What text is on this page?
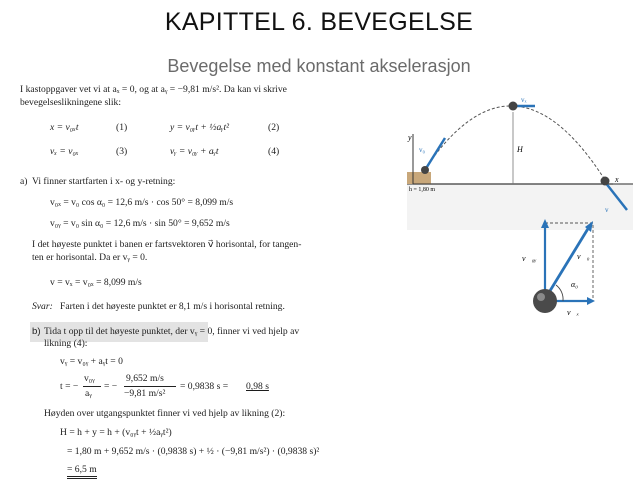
KAPITTEL 6. BEVEGELSE
Bevegelse med konstant akselerasjon
I kastoppgaver vet vi at aₓ = 0, og at aᵧ = −9,81 m/s². Da kan vi skrive
bevegelseslikningene slik:
x = v₀ₓt	(1)	y = v₀ᵧt + ½aᵧt²	(2)
vₓ = v₀ₓ	(3)	vᵧ = v₀ᵧ + aᵧt	(4)
a) Vi finner startfarten i x- og y-retning:
v₀ₓ = v₀ cos α₀ = 12,6 m/s · cos 50° = 8,099 m/s
v₀ᵧ = v₀ sin α₀ = 12,6 m/s · sin 50° = 9,652 m/s
I det høyeste punktet i banen er fartsvektoren v⃗ horisontal, for tangen-
ten er horisontal. Da er vᵧ = 0.
v = vₓ = v₀ₓ = 8,099 m/s
Svar: Farten i det høyeste punktet er 8,1 m/s i horisontal retning.
b) Tida t opp til det høyeste punktet, der vᵧ = 0, finner vi ved hjelp av
likning (4):
vᵧ = v₀ᵧ + aᵧt = 0
t = −
v₀ᵧ
aᵧ
= −
9,652 m/s
−9,81 m/s²
= 0,9838 s = 0,98 s
Høyden over utgangspunktet finner vi ved hjelp av likning (2):
H = h + y = h + (v₀ᵧt + ½aᵧt²)
= 1,80 m + 9,652 m/s · (0,9838 s) + ½ · (−9,81 m/s²) · (0,9838 s)²
= 6,5 m
y
x
v₀
vₓ
H
h = 1,80 m
v
v⃗₀ᵧ	v⃗₀
α₀
v⃗ₓ
